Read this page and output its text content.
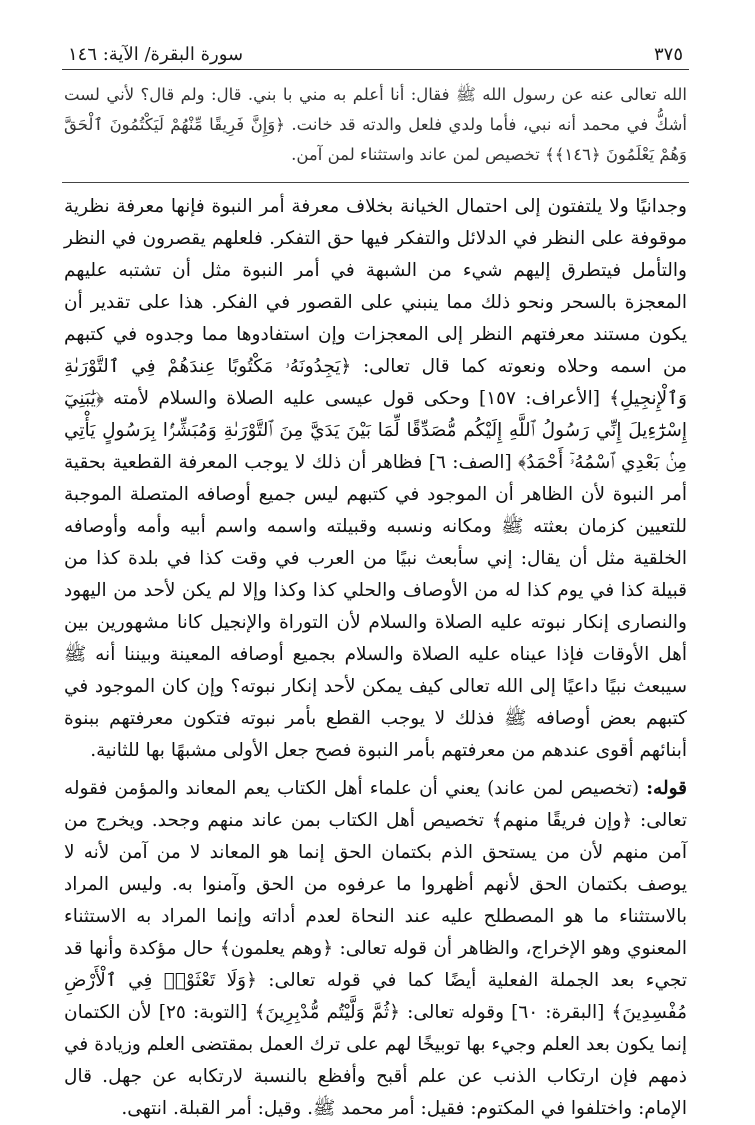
سورة البقرة/ الآية: ١٤٦	٣٧٥

الله تعالى عنه عن رسول الله ﷺ فقال: أنا أعلم به مني با بني. قال: ولم قال؟ لأني لست أشكُّ في محمد أنه نبي، فأما ولدي فلعل والدته قد خانت. ﴿وَإِنَّ فَرِيقًا مِّنْهُمْ لَيَكْتُمُونَ ٱلْحَقَّ وَهُمْ يَعْلَمُونَ ﴿١٤٦﴾﴾ تخصيص لمن عاند واستثناء لمن آمن.

وجدانيًا ولا يلتفتون إلى احتمال الخيانة بخلاف معرفة أمر النبوة فإنها معرفة نظرية موقوفة على النظر في الدلائل والتفكر فيها حق التفكر. فلعلهم يقصرون في النظر والتأمل فيتطرق إليهم شيء من الشبهة في أمر النبوة مثل أن تشتبه عليهم المعجزة بالسحر ونحو ذلك مما ينبني على القصور في الفكر. هذا على تقدير أن يكون مستند معرفتهم النظر إلى المعجزات وإن استفادوها مما وجدوه في كتبهم من اسمه وحلاه ونعوته كما قال تعالى: ﴿يَجِدُونَهُۥ مَكْتُوبًا عِندَهُمْ فِي ٱلتَّوْرَىٰةِ وَٱلْإِنجِيلِ﴾ [الأعراف: ١٥٧] وحكى قول عيسى عليه الصلاة والسلام لأمته ﴿يَٰبَنِيٓ إِسْرَٰٓءِيلَ إِنِّي رَسُولُ ٱللَّهِ إِلَيْكُم مُّصَدِّقًا لِّمَا بَيْنَ يَدَيَّ مِنَ ٱلتَّوْرَىٰةِ وَمُبَشِّرًۢا بِرَسُولٍ يَأْتِي مِنۢ بَعْدِي ٱسْمُهُۥٓ أَحْمَدُ﴾ [الصف: ٦] فظاهر أن ذلك لا يوجب المعرفة القطعية بحقية أمر النبوة لأن الظاهر أن الموجود في كتبهم ليس جميع أوصافه المتصلة الموجبة للتعيين كزمان بعثته ﷺ ومكانه ونسبه وقبيلته واسمه واسم أبيه وأمه وأوصافه الخلقية مثل أن يقال: إني سأبعث نبيًا من العرب في وقت كذا في بلدة كذا من قبيلة كذا في يوم كذا له من الأوصاف والحلي كذا وكذا وإلا لم يكن لأحد من اليهود والنصارى إنكار نبوته عليه الصلاة والسلام لأن التوراة والإنجيل كانا مشهورين بين أهل الأوقات فإذا عيناه عليه الصلاة والسلام بجميع أوصافه المعينة وبيننا أنه ﷺ سيبعث نبيًا داعيًا إلى الله تعالى كيف يمكن لأحد إنكار نبوته؟ وإن كان الموجود في كتبهم بعض أوصافه ﷺ فذلك لا يوجب القطع بأمر نبوته فتكون معرفتهم ببنوة أبنائهم أقوى عندهم من معرفتهم بأمر النبوة فصح جعل الأولى مشبهًا بها للثانية.

قوله: (تخصيص لمن عاند) يعني أن علماء أهل الكتاب يعم المعاند والمؤمن فقوله تعالى: ﴿وإن فريقًا منهم﴾ تخصيص أهل الكتاب بمن عاند منهم وجحد. ويخرج من آمن منهم لأن من يستحق الذم بكتمان الحق إنما هو المعاند لا من آمن لأنه لا يوصف بكتمان الحق لأنهم أظهروا ما عرفوه من الحق وآمنوا به. وليس المراد بالاستثناء ما هو المصطلح عليه عند النحاة لعدم أداته وإنما المراد به الاستثناء المعنوي وهو الإخراج، والظاهر أن قوله تعالى: ﴿وهم يعلمون﴾ حال مؤكدة وأنها قد تجيء بعد الجملة الفعلية أيضًا كما في قوله تعالى: ﴿وَلَا تَعْثَوْا۟ فِي ٱلْأَرْضِ مُفْسِدِينَ﴾ [البقرة: ٦٠] وقوله تعالى: ﴿ثُمَّ وَلَّيْتُم مُّدْبِرِينَ﴾ [التوبة: ٢٥] لأن الكتمان إنما يكون بعد العلم وجيء بها توبيخًا لهم على ترك العمل بمقتضى العلم وزيادة في ذمهم فإن ارتكاب الذنب عن علم أقبح وأفظع بالنسبة لارتكابه عن جهل. قال الإمام: واختلفوا في المكتوم: فقيل: أمر محمد ﷺ. وقيل: أمر القبلة. انتهى.
